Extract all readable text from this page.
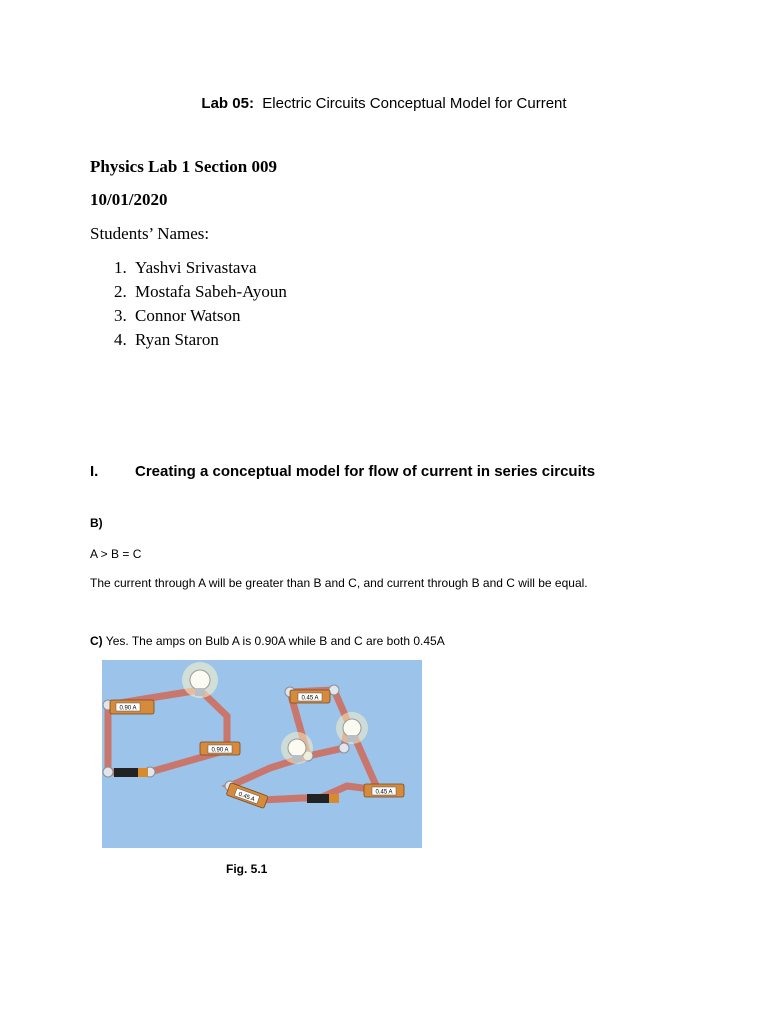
Lab 05: Electric Circuits Conceptual Model for Current
Physics Lab 1 Section 009
10/01/2020
Students’ Names:
1. Yashvi Srivastava
2. Mostafa Sabeh-Ayoun
3. Connor Watson
4. Ryan Staron
I. Creating a conceptual model for flow of current in series circuits
B)
A > B = C
The current through A will be greater than B and C, and current through B and C will be equal.
C) Yes. The amps on Bulb A is 0.90A while B and C are both 0.45A
0.90 A
0.90 A
0.45 A
0.45 A
0.45 A
Fig. 5.1
